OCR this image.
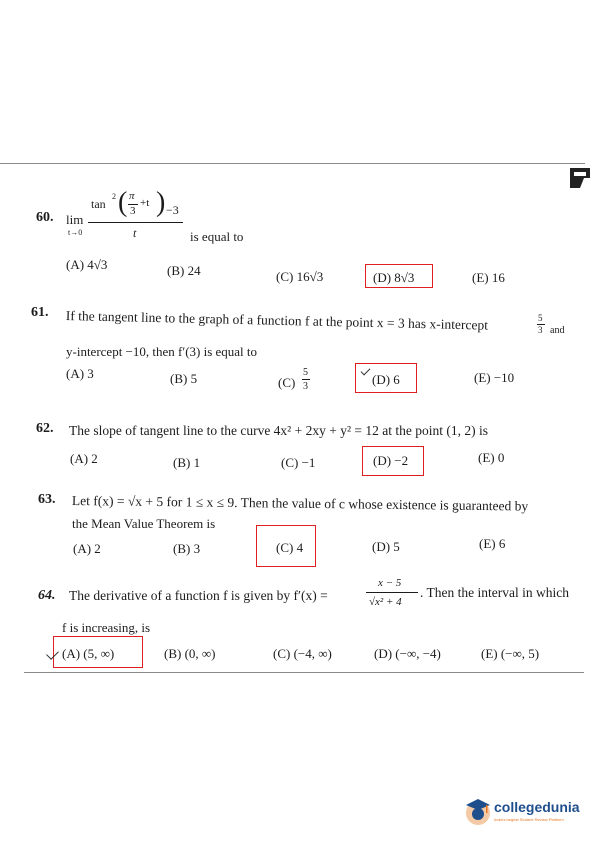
60. lim
t→0
tan
2 ( π
3
+t ) −3
t	is equal to
(A) 4√3	(B) 24	(C) 16√3	(D) 8√3	(E) 16
61. If the tangent line to the graph of a function f at the point x = 3 has x-intercept	5
3 and
y-intercept −10, then f′(3) is equal to
(A) 3	(B) 5	(C)
5
3	(D) 6	(E) −10
62. The slope of tangent line to the curve 4x² + 2xy + y² = 12 at the point (1, 2) is
(A) 2	(B) 1	(C) −1	(D) −2	(E) 0
63. Let f(x) = √x + 5 for 1 ≤ x ≤ 9. Then the value of c whose existence is guaranteed by
the Mean Value Theorem is
(A) 2	(B) 3	(C) 4	(D) 5	(E) 6
64. The derivative of a function f is given by f′(x) =
x − 5
√x² + 4
. Then the interval in which
f is increasing, is
(A) (5, ∞)	(B) (0, ∞)	(C) (−4, ∞)	(D) (−∞, −4)	(E) (−∞, 5)
collegedunia
India's largest Student Review Platform
